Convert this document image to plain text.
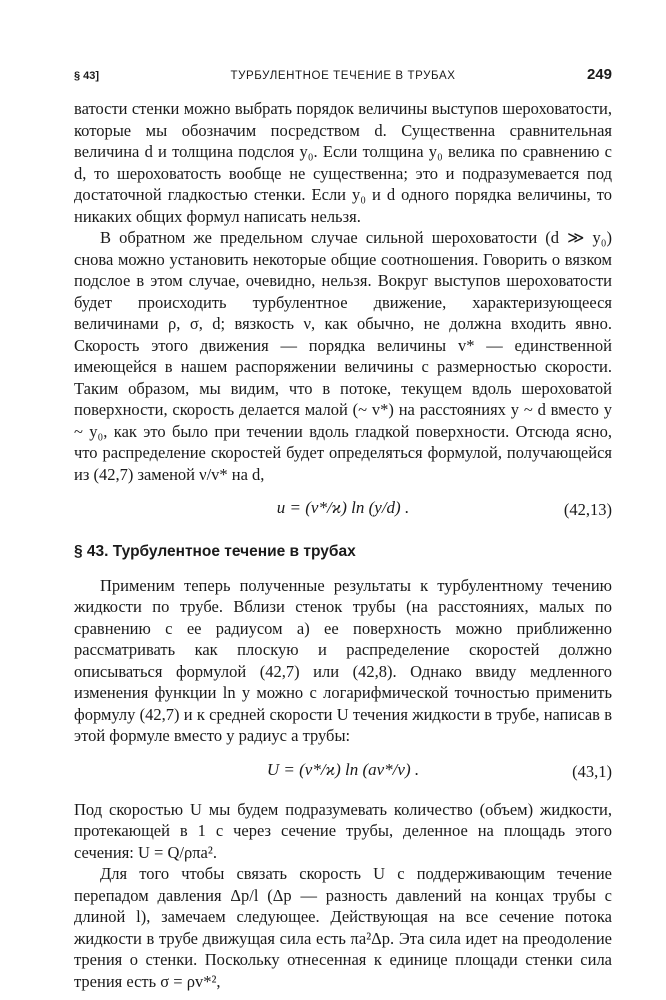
§ 43]	ТУРБУЛЕНТНОЕ ТЕЧЕНИЕ В ТРУБАХ	249

ватости стенки можно выбрать порядок величины выступов шероховатости, которые мы обозначим посредством d. Существенна сравнительная величина d и толщина подслоя y₀. Если толщина y₀ велика по сравнению с d, то шероховатость вообще не существенна; это и подразумевается под достаточной гладкостью стенки. Если y₀ и d одного порядка величины, то никаких общих формул написать нельзя.

В обратном же предельном случае сильной шероховатости (d ≫ y₀) снова можно установить некоторые общие соотношения. Говорить о вязком подслое в этом случае, очевидно, нельзя. Вокруг выступов шероховатости будет происходить турбулентное движение, характеризующееся величинами ρ, σ, d; вязкость ν, как обычно, не должна входить явно. Скорость этого движения — порядка величины v* — единственной имеющейся в нашем распоряжении величины с размерностью скорости. Таким образом, мы видим, что в потоке, текущем вдоль шероховатой поверхности, скорость делается малой (~ v*) на расстояниях y ~ d вместо y ~ y₀, как это было при течении вдоль гладкой поверхности. Отсюда ясно, что распределение скоростей будет определяться формулой, получающейся из (42,7) заменой ν/v* на d,

u = (v*/ϰ) ln (y/d) .	(42,13)
§ 43. Турбулентное течение в трубах

Применим теперь полученные результаты к турбулентному течению жидкости по трубе. Вблизи стенок трубы (на расстояниях, малых по сравнению с ее радиусом a) ее поверхность можно приближенно рассматривать как плоскую и распределение скоростей должно описываться формулой (42,7) или (42,8). Однако ввиду медленного изменения функции ln y можно с логарифмической точностью применить формулу (42,7) и к средней скорости U течения жидкости в трубе, написав в этой формуле вместо y радиус a трубы:

U = (v*/ϰ) ln (av*/ν) .	(43,1)

Под скоростью U мы будем подразумевать количество (объем) жидкости, протекающей в 1 с через сечение трубы, деленное на площадь этого сечения: U = Q/ρπa².

Для того чтобы связать скорость U с поддерживающим течение перепадом давления Δp/l (Δp — разность давлений на концах трубы с длиной l), замечаем следующее. Действующая на все сечение потока жидкости в трубе движущая сила есть πa²Δp. Эта сила идет на преодоление трения о стенки. Поскольку отнесенная к единице площади стенки сила трения есть σ = ρv*²,
